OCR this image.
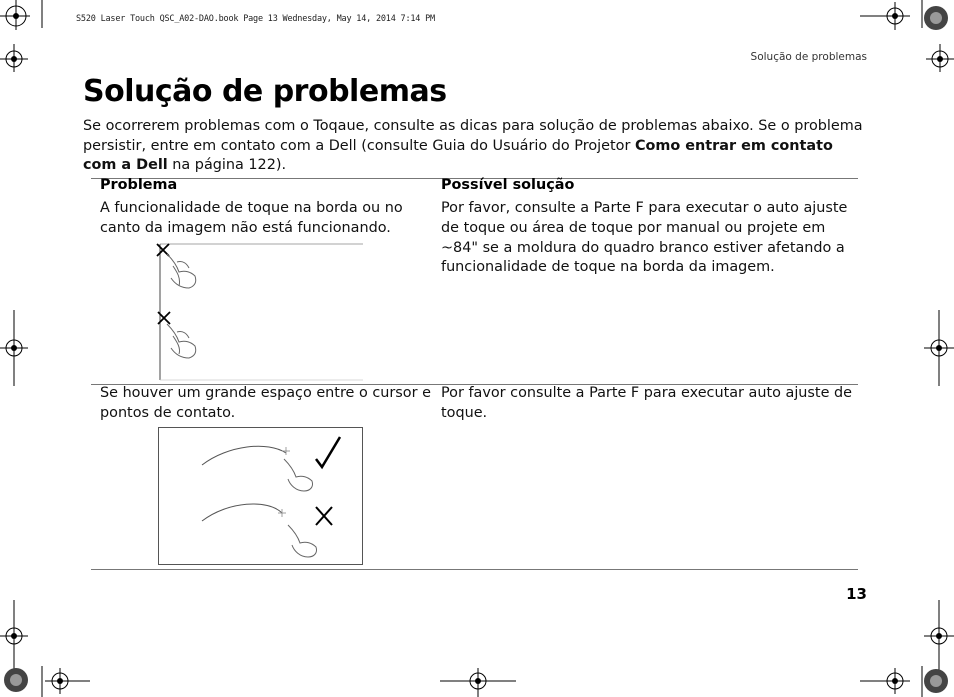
S520 Laser Touch QSC_A02-DAO.book Page 13 Wednesday, May 14, 2014 7:14 PM
Solução de problemas
Solução de problemas
Se ocorrerem problemas com o Toqaue, consulte as dicas para solução de problemas abaixo. Se o problema persistir, entre em contato com a Dell (consulte Guia do Usuário do Projetor Como entrar em contato com a Dell na página 122).
Problema	Possível solução
A funcionalidade de toque na borda ou no canto da imagem não está funcionando.
Por favor, consulte a Parte F para executar o auto ajuste de toque ou área de toque por manual ou projete em ~84" se a moldura do quadro branco estiver afetando a funcionalidade de toque na borda da imagem.
Se houver um grande espaço entre o cursor e pontos de contato.
Por favor consulte a Parte F para executar auto ajuste de toque.
13
